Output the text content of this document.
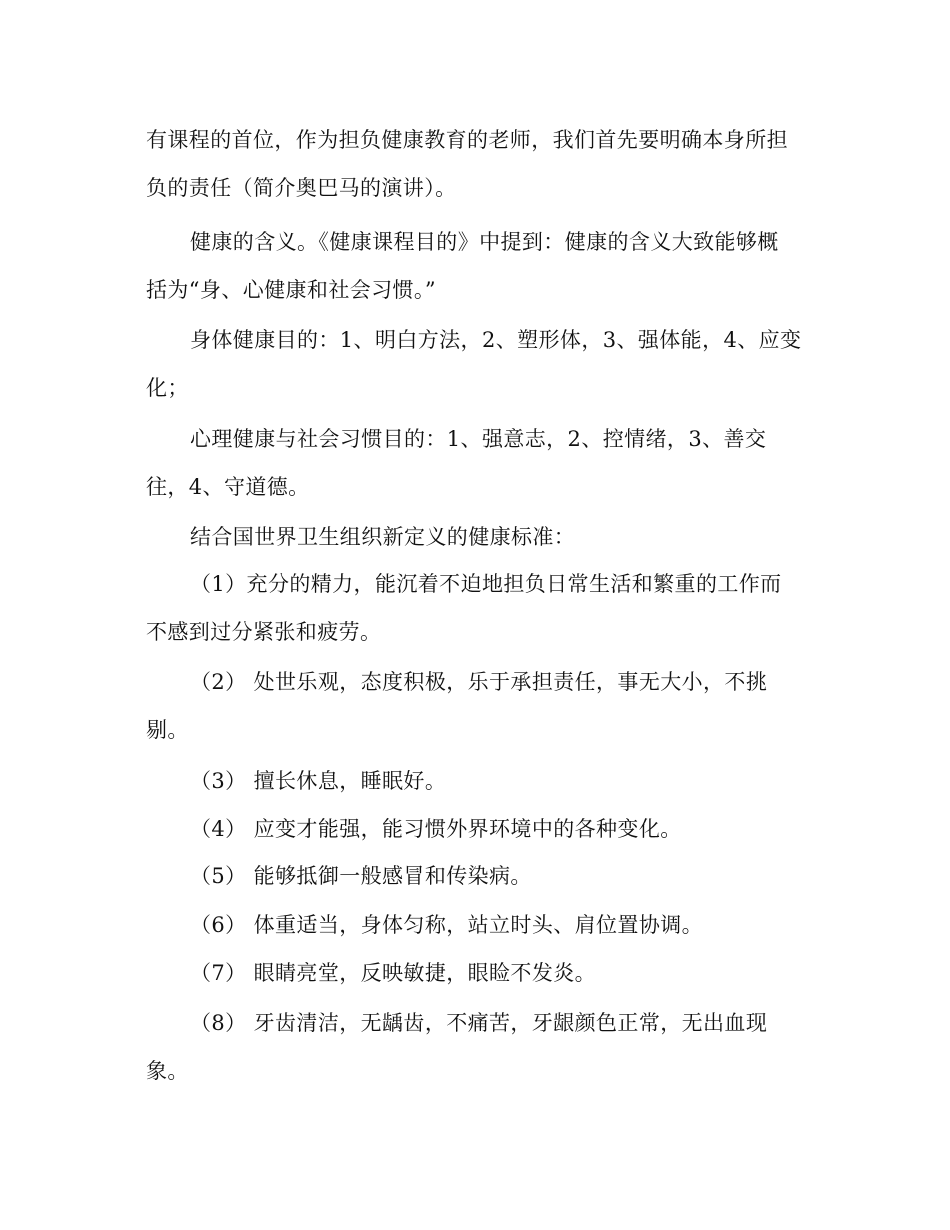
有课程的首位，作为担负健康教育的老师，我们首先要明确本身所担
负的责任（简介奥巴马的演讲）。
健康的含义。《健康课程目的》中提到：健康的含义大致能够概
括为“身、心健康和社会习惯。”
身体健康目的：1、明白方法，2、塑形体，3、强体能，4、应变
化；
心理健康与社会习惯目的：1、强意志，2、控情绪，3、善交
往，4、守道德。
结合国世界卫生组织新定义的健康标准：
（1）充分的精力，能沉着不迫地担负日常生活和繁重的工作而
不感到过分紧张和疲劳。
（2） 处世乐观，态度积极，乐于承担责任，事无大小，不挑
剔。
（3） 擅长休息，睡眠好。
（4） 应变才能强，能习惯外界环境中的各种变化。
（5） 能够抵御一般感冒和传染病。
（6） 体重适当，身体匀称，站立时头、肩位置协调。
（7） 眼睛亮堂，反映敏捷，眼睑不发炎。
（8） 牙齿清洁，无龋齿，不痛苦，牙龈颜色正常，无出血现
象。
